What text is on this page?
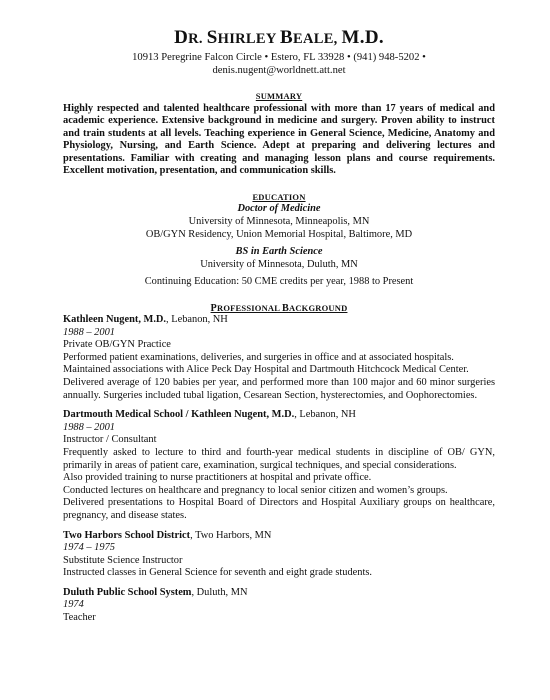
DR. SHIRLEY BEALE, M.D.
10913 Peregrine Falcon Circle • Estero, FL 33928 • (941) 948-5202 •
denis.nugent@worldnett.att.net
SUMMARY

Highly respected and talented healthcare professional with more than 17 years of medical and academic experience. Extensive background in medicine and surgery. Proven ability to instruct and train students at all levels. Teaching experience in General Science, Medicine, Anatomy and Physiology, Nursing, and Earth Science. Adept at preparing and delivering lectures and presentations. Familiar with creating and managing lesson plans and course requirements. Excellent motivation, presentation, and communication skills.

EDUCATION
Doctor of Medicine
University of Minnesota, Minneapolis, MN
OB/GYN Residency, Union Memorial Hospital, Baltimore, MD
BS in Earth Science
University of Minnesota, Duluth, MN
Continuing Education: 50 CME credits per year, 1988 to Present
PROFESSIONAL BACKGROUND
Kathleen Nugent, M.D., Lebanon, NH
1988 – 2001
Private OB/GYN Practice
Performed patient examinations, deliveries, and surgeries in office and at associated hospitals.
Maintained associations with Alice Peck Day Hospital and Dartmouth Hitchcock Medical Center.
Delivered average of 120 babies per year, and performed more than 100 major and 60 minor surgeries annually. Surgeries included tubal ligation, Cesarean Section, hysterectomies, and Oophorectomies.
Dartmouth Medical School / Kathleen Nugent, M.D., Lebanon, NH
1988 – 2001
Instructor / Consultant
Frequently asked to lecture to third and fourth-year medical students in discipline of OB/ GYN, primarily in areas of patient care, examination, surgical techniques, and special considerations.
Also provided training to nurse practitioners at hospital and private office.
Conducted lectures on healthcare and pregnancy to local senior citizen and women’s groups.
Delivered presentations to Hospital Board of Directors and Hospital Auxiliary groups on healthcare, pregnancy, and disease states.
Two Harbors School District, Two Harbors, MN
1974 – 1975
Substitute Science Instructor
Instructed classes in General Science for seventh and eight grade students.
Duluth Public School System, Duluth, MN
1974
Teacher
